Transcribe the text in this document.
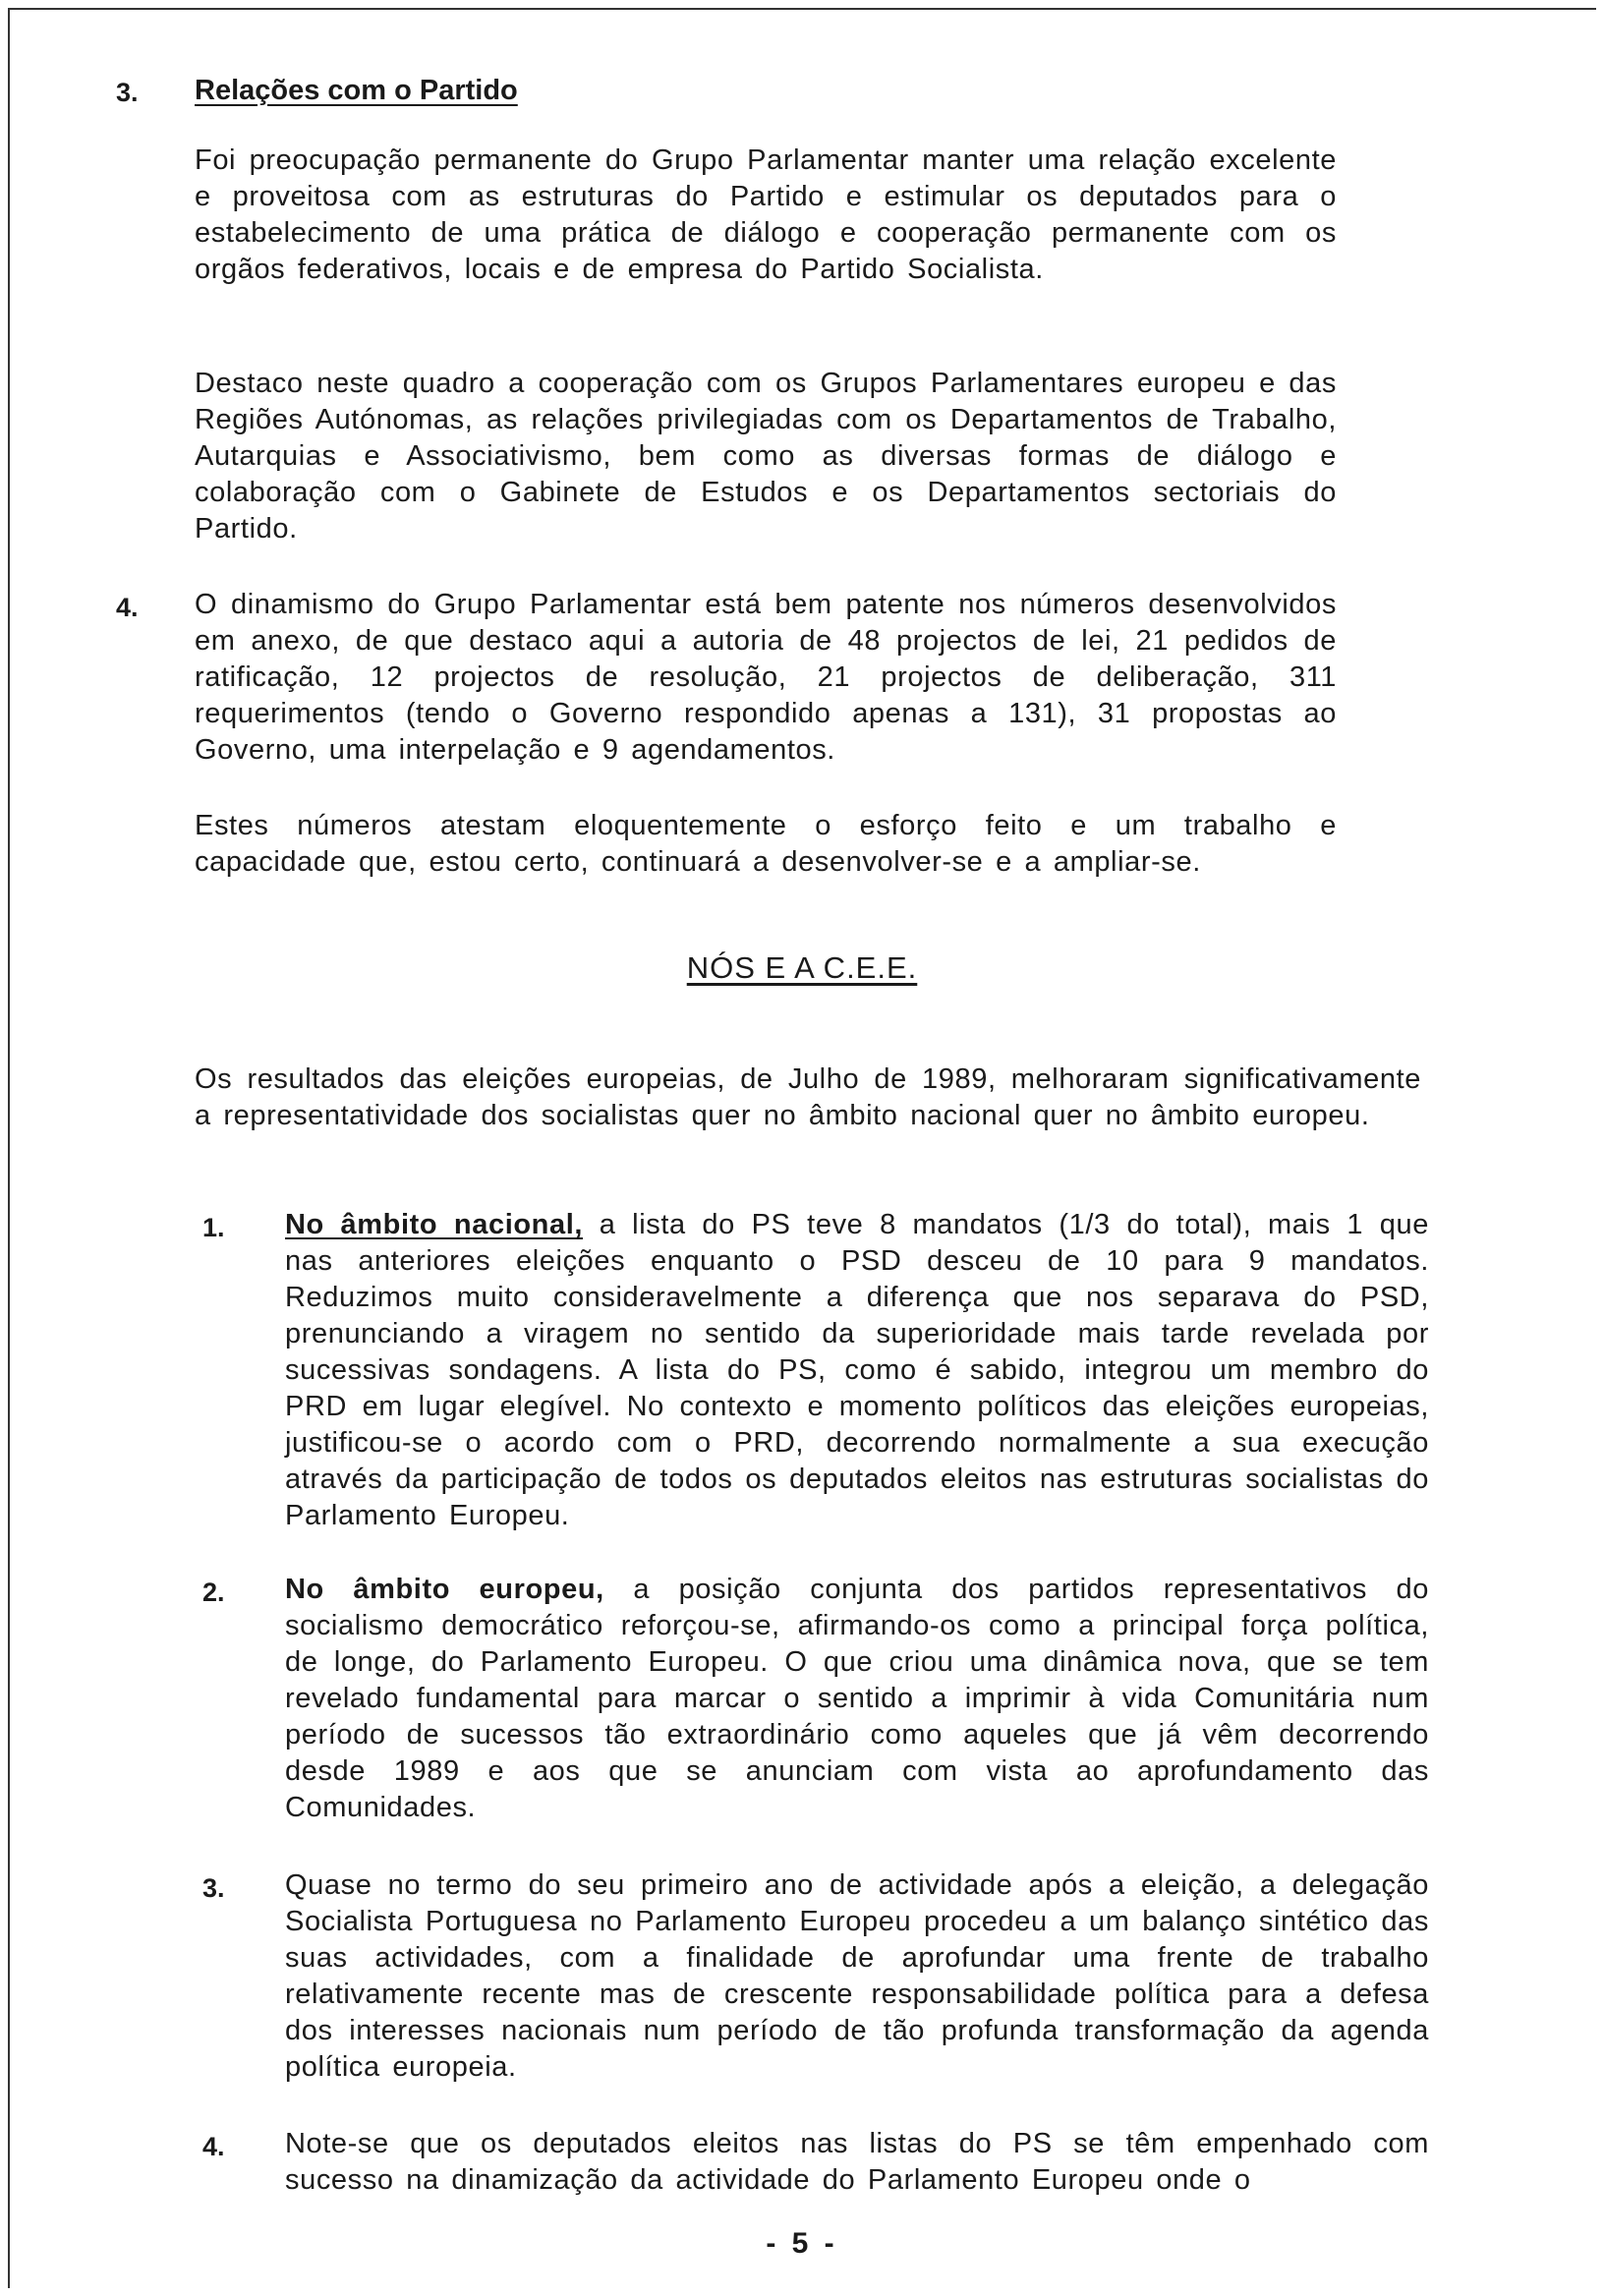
3. Relações com o Partido

Foi preocupação permanente do Grupo Parlamentar manter uma relação excelente e proveitosa com as estruturas do Partido e estimular os deputados para o estabelecimento de uma prática de diálogo e cooperação permanente com os orgãos federativos, locais e de empresa do Partido Socialista.

Destaco neste quadro a cooperação com os Grupos Parlamentares europeu e das Regiões Autónomas, as relações privilegiadas com os Departamentos de Trabalho, Autarquias e Associativismo, bem como as diversas formas de diálogo e colaboração com o Gabinete de Estudos e os Departamentos sectoriais do Partido.

4. O dinamismo do Grupo Parlamentar está bem patente nos números desenvolvidos em anexo, de que destaco aqui a autoria de 48 projectos de lei, 21 pedidos de ratificação, 12 projectos de resolução, 21 projectos de deliberação, 311 requerimentos (tendo o Governo respondido apenas a 131), 31 propostas ao Governo, uma interpelação e 9 agendamentos.

Estes números atestam eloquentemente o esforço feito e um trabalho e capacidade que, estou certo, continuará a desenvolver-se e a ampliar-se.

NÓS E A C.E.E.

Os resultados das eleições europeias, de Julho de 1989, melhoraram significativamente a representatividade dos socialistas quer no âmbito nacional quer no âmbito europeu.

1. No âmbito nacional, a lista do PS teve 8 mandatos (1/3 do total), mais 1 que nas anteriores eleições enquanto o PSD desceu de 10 para 9 mandatos. Reduzimos muito consideravelmente a diferença que nos separava do PSD, prenunciando a viragem no sentido da superioridade mais tarde revelada por sucessivas sondagens. A lista do PS, como é sabido, integrou um membro do PRD em lugar elegível. No contexto e momento políticos das eleições europeias, justificou-se o acordo com o PRD, decorrendo normalmente a sua execução através da participação de todos os deputados eleitos nas estruturas socialistas do Parlamento Europeu.

2. No âmbito europeu, a posição conjunta dos partidos representativos do socialismo democrático reforçou-se, afirmando-os como a principal força política, de longe, do Parlamento Europeu. O que criou uma dinâmica nova, que se tem revelado fundamental para marcar o sentido a imprimir à vida Comunitária num período de sucessos tão extraordinário como aqueles que já vêm decorrendo desde 1989 e aos que se anunciam com vista ao aprofundamento das Comunidades.

3. Quase no termo do seu primeiro ano de actividade após a eleição, a delegação Socialista Portuguesa no Parlamento Europeu procedeu a um balanço sintético das suas actividades, com a finalidade de aprofundar uma frente de trabalho relativamente recente mas de crescente responsabilidade política para a defesa dos interesses nacionais num período de tão profunda transformação da agenda política europeia.

4. Note-se que os deputados eleitos nas listas do PS se têm empenhado com sucesso na dinamização da actividade do Parlamento Europeu onde o

- 5 -
